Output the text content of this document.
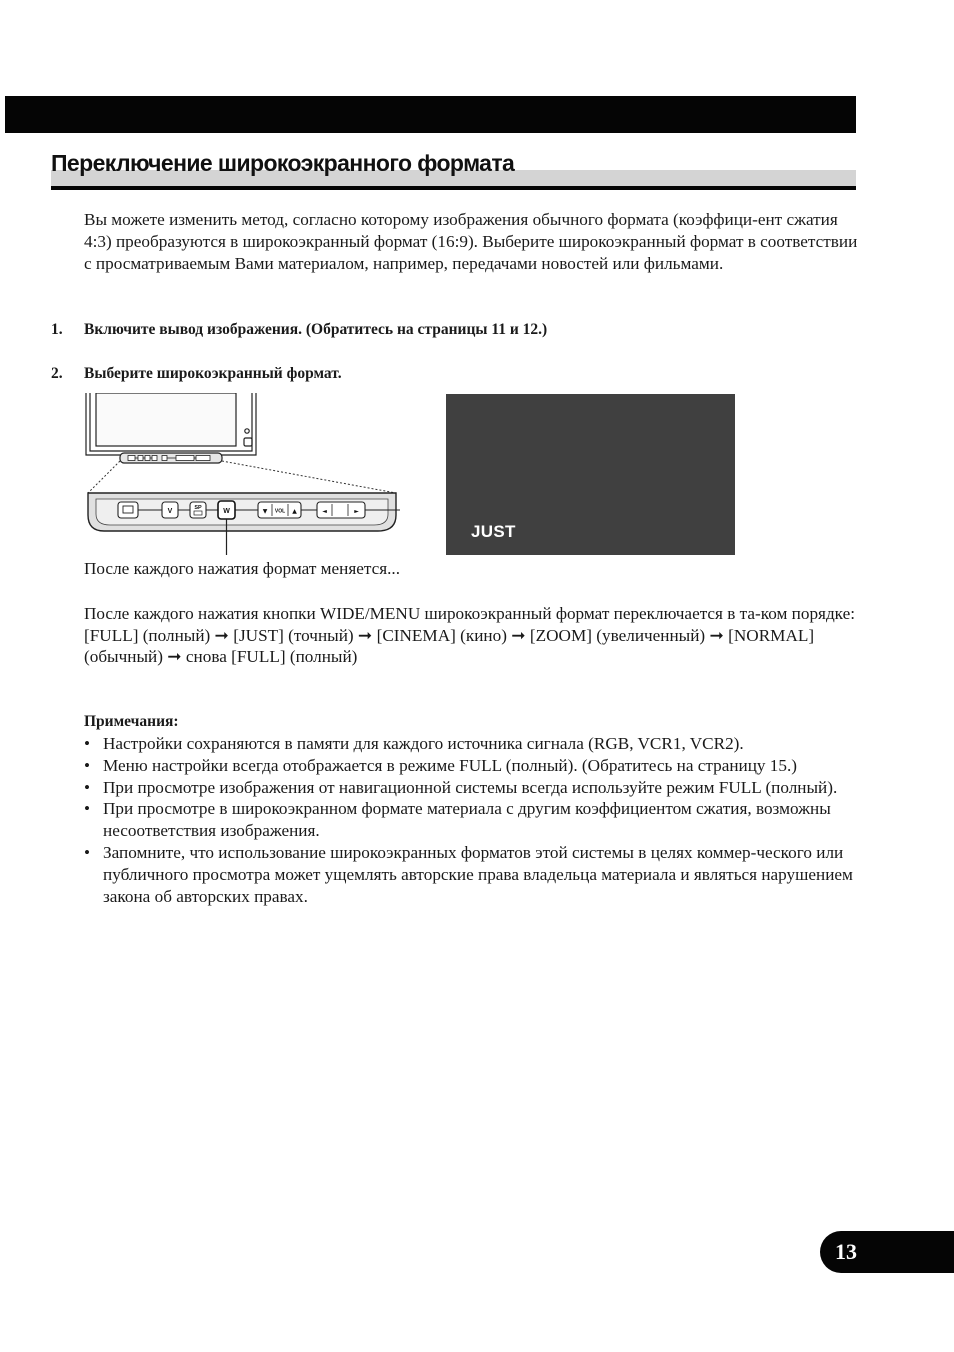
Переключение широкоэкранного формата

Вы можете изменить метод, согласно которому изображения обычного формата (коэффици-ент сжатия 4:3) преобразуются в широкоэкранный формат (16:9). Выберите широкоэкранный формат в соответствии с просматриваемым Вами материалом, например, передачами новостей или фильмами.

1. Включите вывод изображения. (Обратитесь на страницы 11 и 12.)

2. Выберите широкоэкранный формат.

V	SP	W	▼ VOL ▲	◄	►
JUST

После каждого нажатия формат меняется...

После каждого нажатия кнопки WIDE/MENU широкоэкранный формат переключается в та-ком порядке:

[FULL] (полный) ➞ [JUST] (точный) ➞ [CINEMA] (кино) ➞ [ZOOM] (увеличенный) ➞ [NORMAL] (обычный) ➞ снова [FULL] (полный)

Примечания:

• Настройки сохраняются в памяти для каждого источника сигнала (RGB, VCR1, VCR2).
• Меню настройки всегда отображается в режиме FULL (полный). (Обратитесь на страницу 15.)
• При просмотре изображения от навигационной системы всегда используйте режим FULL (полный).
• При просмотре в широкоэкранном формате материала с другим коэффициентом сжатия, возможны несоответствия изображения.
• Запомните, что использование широкоэкранных форматов этой системы в целях коммер-ческого или публичного просмотра может ущемлять авторские права владельца материала и являться нарушением закона об авторских правах.
13
